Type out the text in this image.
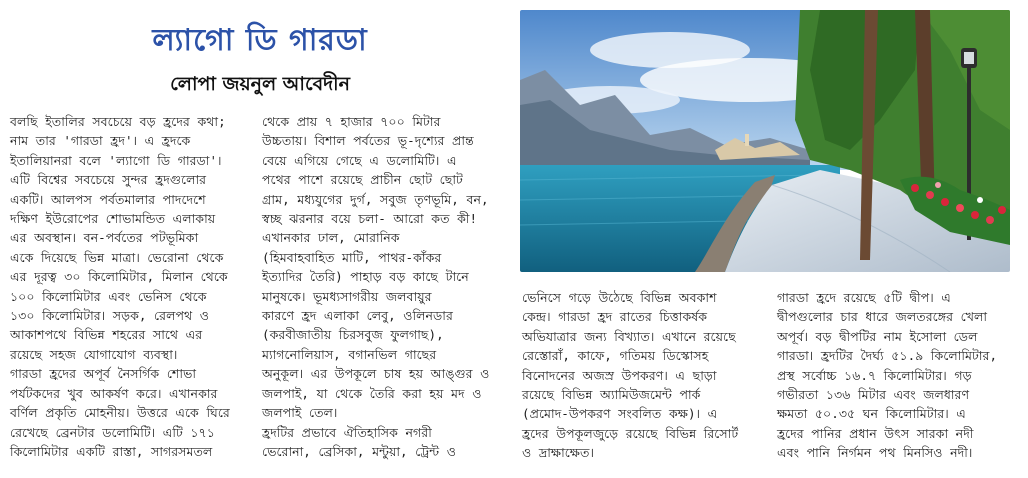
ল্যাগো ডি গারডা
লোপা জয়নুল আবেদীন
বলছি ইতালির সবচেয়ে বড় হ্রদের কথা;
নাম তার 'গারডা হ্রদ'। এ হ্রদকে
ইতালিয়ানরা বলে 'ল্যাগো ডি গারডা'।
এটি বিশ্বের সবচেয়ে সুন্দর হ্রদগুলোর
একটি। আলপস পর্বতমালার পাদদেশে
দক্ষিণ ইউরোপের শোভামন্ডিত এলাকায়
এর অবস্থান। বন-পর্বতের পটভূমিকা
একে দিয়েছে ভিন্ন মাত্রা। ভেরোনা থেকে
এর দূরত্ব ৩০ কিলোমিটার, মিলান থেকে
১০০ কিলোমিটার এবং ভেনিস থেকে
১৩০ কিলোমিটার। সড়ক, রেলপথ ও
আকাশপথে বিভিন্ন শহরের সাথে এর
রয়েছে সহজ যোগাযোগ ব্যবস্থা।
গারডা হ্রদের অপূর্ব নৈসর্গিক শোভা
পর্যটকদের খুব আকর্ষণ করে। এখানকার
বর্ণিল প্রকৃতি মোহনীয়। উত্তরে একে ঘিরে
রেখেছে ব্রেনটার ডলোমিটি। এটি ১৭১
কিলোমিটার একটি রাস্তা, সাগরসমতল
থেকে প্রায় ৭ হাজার ৭০০ মিটার
উচ্চতায়। বিশাল পর্বতের ভূ-দৃশ্যের প্রান্ত
বেয়ে এগিয়ে গেছে এ ডলোমিটি। এ
পথের পাশে রয়েছে প্রাচীন ছোট ছোট
গ্রাম, মধ্যযুগের দুর্গ, সবুজ তৃণভূমি, বন,
স্বচ্ছ ঝরনার বয়ে চলা- আরো কত কী!
এখানকার ঢাল, মোরানিক
(হিমবাহবাহিত মাটি, পাথর-কাঁকর
ইত্যাদির তৈরি) পাহাড় বড় কাছে টানে
মানুষকে। ভূমধ্যসাগরীয় জলবায়ুর
কারণে হ্রদ এলাকা লেবু, ওলিনডার
(করবীজাতীয় চিরসবুজ ফুলগাছ),
ম্যাগনোলিয়াস, বগানভিল গাছের
অনুকূল। এর উপকূলে চাষ হয় আঙ্গুর ও
জলপাই, যা থেকে তৈরি করা হয় মদ ও
জলপাই তেল।
হ্রদটির প্রভাবে ঐতিহাসিক নগরী
ভেরোনা, ব্রেসিকা, মন্টুয়া, ট্রেন্ট ও
ভেনিসে গড়ে উঠেছে বিভিন্ন অবকাশ
কেন্দ্র। গারডা হ্রদ রাতের চিত্তাকর্ষক
অভিযাত্রার জন্য বিখ্যাত। এখানে রয়েছে
রেস্তোরাঁ, কাফে, গতিময় ডিস্কোসহ
বিনোদনের অজস্র উপকরণ। এ ছাড়া
রয়েছে বিভিন্ন অ্যামিউজমেন্ট পার্ক
(প্রমোদ-উপকরণ সংবলিত কক্ষ)। এ
হ্রদের উপকূলজুড়ে রয়েছে বিভিন্ন রিসোর্ট
ও দ্রাক্ষাক্ষেত।
গারডা হ্রদে রয়েছে ৫টি দ্বীপ। এ
দ্বীপগুলোর চার ধারে জলতরঙ্গের খেলা
অপূর্ব। বড় দ্বীপটির নাম ইসোলা ডেল
গারডা। হ্রদটির দৈর্ঘ্য ৫১.৯ কিলোমিটার,
প্রস্থ সর্বোচ্চ ১৬.৭ কিলোমিটার। গড়
গভীরতা ১৩৬ মিটার এবং জলধারণ
ক্ষমতা ৫০.৩৫ ঘন কিলোমিটার। এ
হ্রদের পানির প্রধান উৎস সারকা নদী
এবং পানি নির্গমন পথ মিনসিও নদী।
